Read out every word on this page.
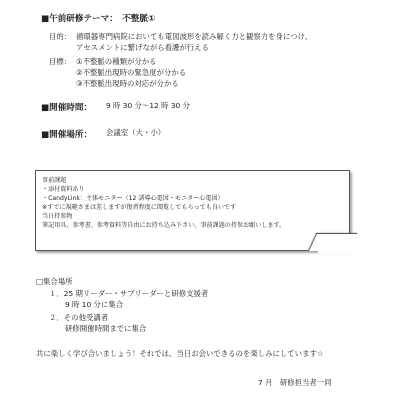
■午前研修テーマ：　不整脈①
目的： 循環器専門病院においても電図波形を読み解く力と観察力を身につけ、
アセスメントに繋げながら看護が行える
目標： ①不整脈の種類が分かる
②不整脈出現時の緊急度が分かる
③不整脈出現時の対応が分かる
■開催時間： 9 時 30 分～12 時 30 分
■開催場所： 会議室（大・小）
事前課題
・添付資料あり
・CandyLink：主体モニター（12 誘導心電図・モニター心電図）
※すでに規範さまは差しますが復習程度に閲覧してもらっても良いです
当日持参物
筆記用具、参考書、参考資料等自由にお持ち込み下さい。事前課題の持参お願いします。
□集合場所
１．25 期リーダー・サブリーダーと研修支援者
9 時 10 分に集合
２．その他受講者
研修開催時間までに集合
共に楽しく学び合いましょう！それでは、当日お会いできるのを楽しみにしています☆
7 月　研修担当者一同
